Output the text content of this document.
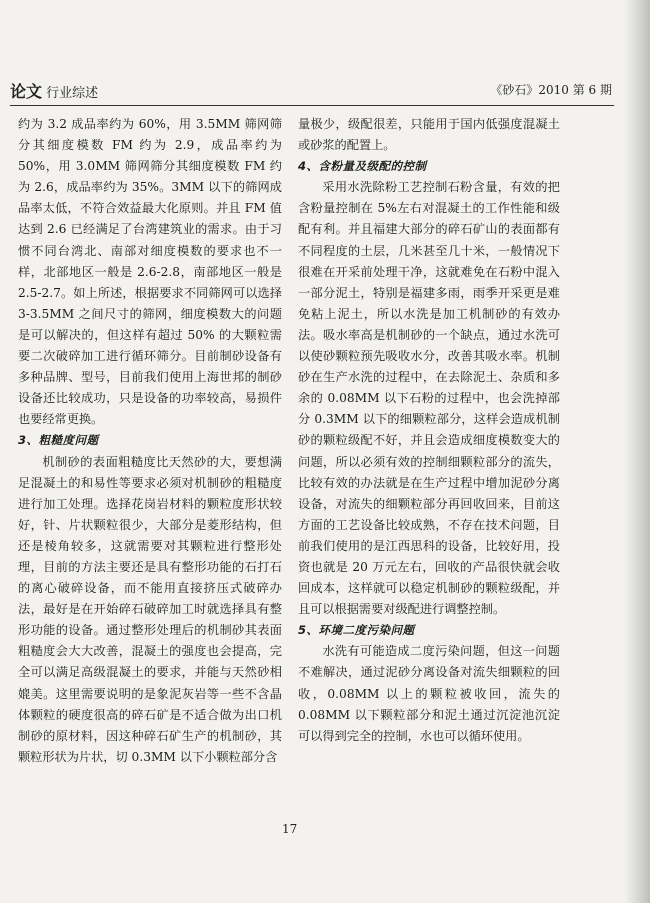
论文 行业综述	《砂石》2010 第 6 期

约为 3.2 成品率约为 60%，用 3.5MM 筛网筛分其细度模数 FM 约为 2.9，成品率约为 50%，用 3.0MM 筛网筛分其细度模数 FM 约为 2.6，成品率约为 35%。3MM 以下的筛网成品率太低，不符合效益最大化原则。并且 FM 值达到 2.6 已经满足了台湾建筑业的需求。由于习惯不同台湾北、南部对细度模数的要求也不一样，北部地区一般是 2.6-2.8，南部地区一般是 2.5-2.7。如上所述，根据要求不同筛网可以选择 3-3.5MM 之间尺寸的筛网，细度模数大的问题是可以解决的，但这样有超过 50% 的大颗粒需要二次破碎加工进行循环筛分。目前制砂设备有多种品牌、型号，目前我们使用上海世邦的制砂设备还比较成功，只是设备的功率较高，易损件也要经常更换。

3、粗糙度问题

机制砂的表面粗糙度比天然砂的大，要想满足混凝土的和易性等要求必须对机制砂的粗糙度进行加工处理。选择花岗岩材料的颗粒度形状较好，针、片状颗粒很少，大部分是菱形结构，但还是棱角较多，这就需要对其颗粒进行整形处理，目前的方法主要还是具有整形功能的石打石的离心破碎设备，而不能用直接挤压式破碎办法，最好是在开始碎石破碎加工时就选择具有整形功能的设备。通过整形处理后的机制砂其表面粗糙度会大大改善，混凝土的强度也会提高，完全可以满足高级混凝土的要求，并能与天然砂相媲美。这里需要说明的是象泥灰岩等一些不含晶体颗粒的硬度很高的碎石矿是不适合做为出口机制砂的原材料，因这种碎石矿生产的机制砂，其颗粒形状为片状，切 0.3MM 以下小颗粒部分含

量极少，级配很差，只能用于国内低强度混凝土或砂浆的配置上。

4、含粉量及级配的控制

采用水洗除粉工艺控制石粉含量，有效的把含粉量控制在 5%左右对混凝土的工作性能和级配有利。并且福建大部分的碎石矿山的表面都有不同程度的土层，几米甚至几十米，一般情况下很难在开采前处理干净，这就难免在石粉中混入一部分泥土，特别是福建多雨，雨季开采更是难免粘上泥土，所以水洗是加工机制砂的有效办法。吸水率高是机制砂的一个缺点，通过水洗可以使砂颗粒预先吸收水分，改善其吸水率。机制砂在生产水洗的过程中，在去除泥土、杂质和多余的 0.08MM 以下石粉的过程中，也会洗掉部分 0.3MM 以下的细颗粒部分，这样会造成机制砂的颗粒级配不好，并且会造成细度模数变大的问题，所以必须有效的控制细颗粒部分的流失，比较有效的办法就是在生产过程中增加泥砂分离设备，对流失的细颗粒部分再回收回来，目前这方面的工艺设备比较成熟，不存在技术问题，目前我们使用的是江西思科的设备，比较好用，投资也就是 20 万元左右，回收的产品很快就会收回成本，这样就可以稳定机制砂的颗粒级配，并且可以根据需要对级配进行调整控制。

5、环境二度污染问题

水洗有可能造成二度污染问题，但这一问题不难解决，通过泥砂分离设备对流失细颗粒的回收，0.08MM 以上的颗粒被收回，流失的 0.08MM 以下颗粒部分和泥土通过沉淀池沉淀可以得到完全的控制，水也可以循环使用。

17
